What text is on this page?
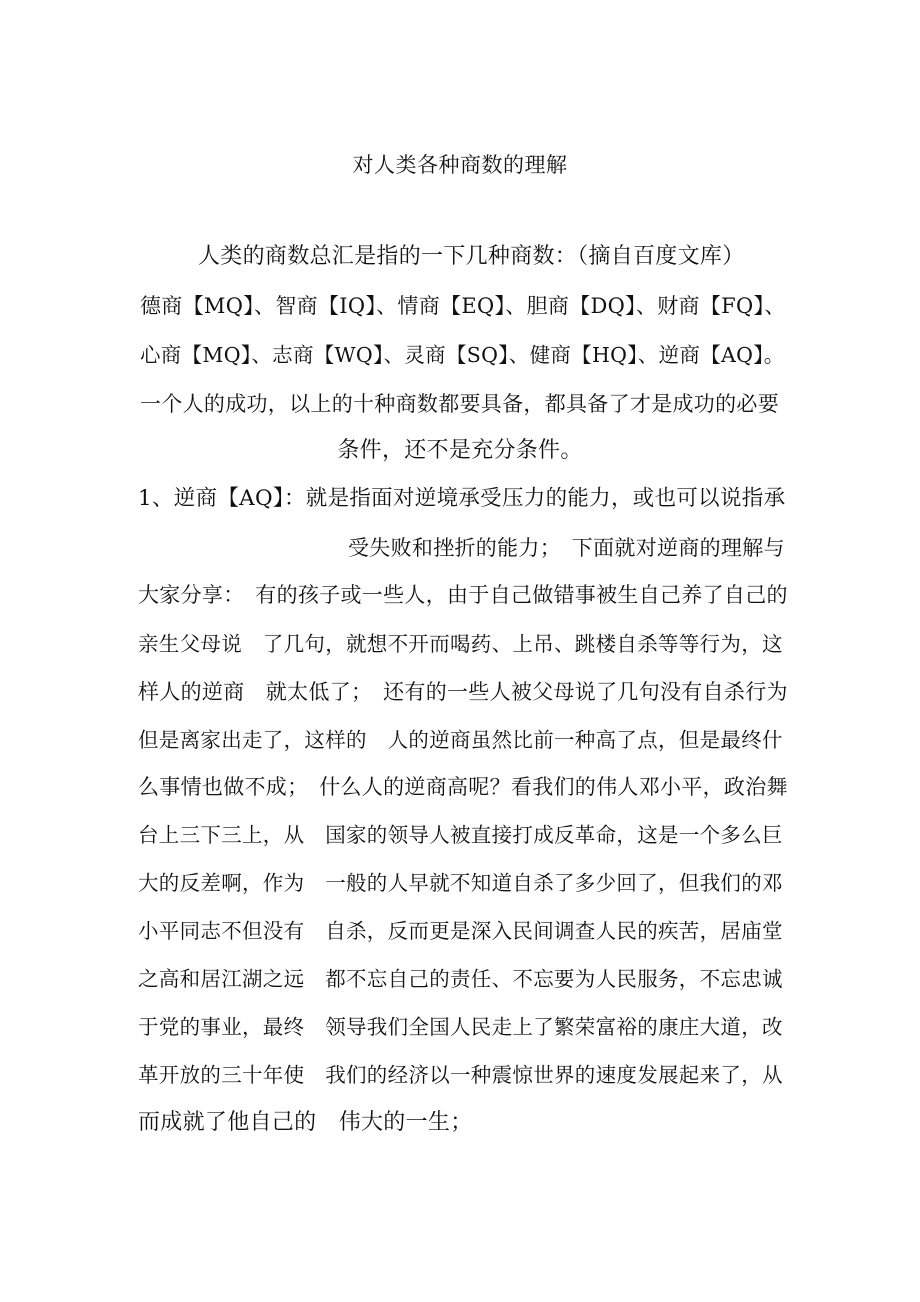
对人类各种商数的理解
人类的商数总汇是指的一下几种商数：（摘自百度文库）
德商【MQ】、智商【IQ】、情商【EQ】、胆商【DQ】、财商【FQ】、
心商【MQ】、志商【WQ】、灵商【SQ】、健商【HQ】、逆商【AQ】。
一个人的成功，以上的十种商数都要具备，都具备了才是成功的必要
条件，还不是充分条件。
1、逆商【AQ】：就是指面对逆境承受压力的能力，或也可以说指承
受失败和挫折的能力；　下面就对逆商的理解与
大家分享：　有的孩子或一些人，由于自己做错事被生自己养了自己的
亲生父母说　了几句，就想不开而喝药、上吊、跳楼自杀等等行为，这
样人的逆商　就太低了；　还有的一些人被父母说了几句没有自杀行为
但是离家出走了，这样的　人的逆商虽然比前一种高了点，但是最终什
么事情也做不成；　什么人的逆商高呢？看我们的伟人邓小平，政治舞
台上三下三上，从　国家的领导人被直接打成反革命，这是一个多么巨
大的反差啊，作为　一般的人早就不知道自杀了多少回了，但我们的邓
小平同志不但没有　自杀，反而更是深入民间调查人民的疾苦，居庙堂
之高和居江湖之远　都不忘自己的责任、不忘要为人民服务，不忘忠诚
于党的事业，最终　领导我们全国人民走上了繁荣富裕的康庄大道，改
革开放的三十年使　我们的经济以一种震惊世界的速度发展起来了，从
而成就了他自己的　伟大的一生；
